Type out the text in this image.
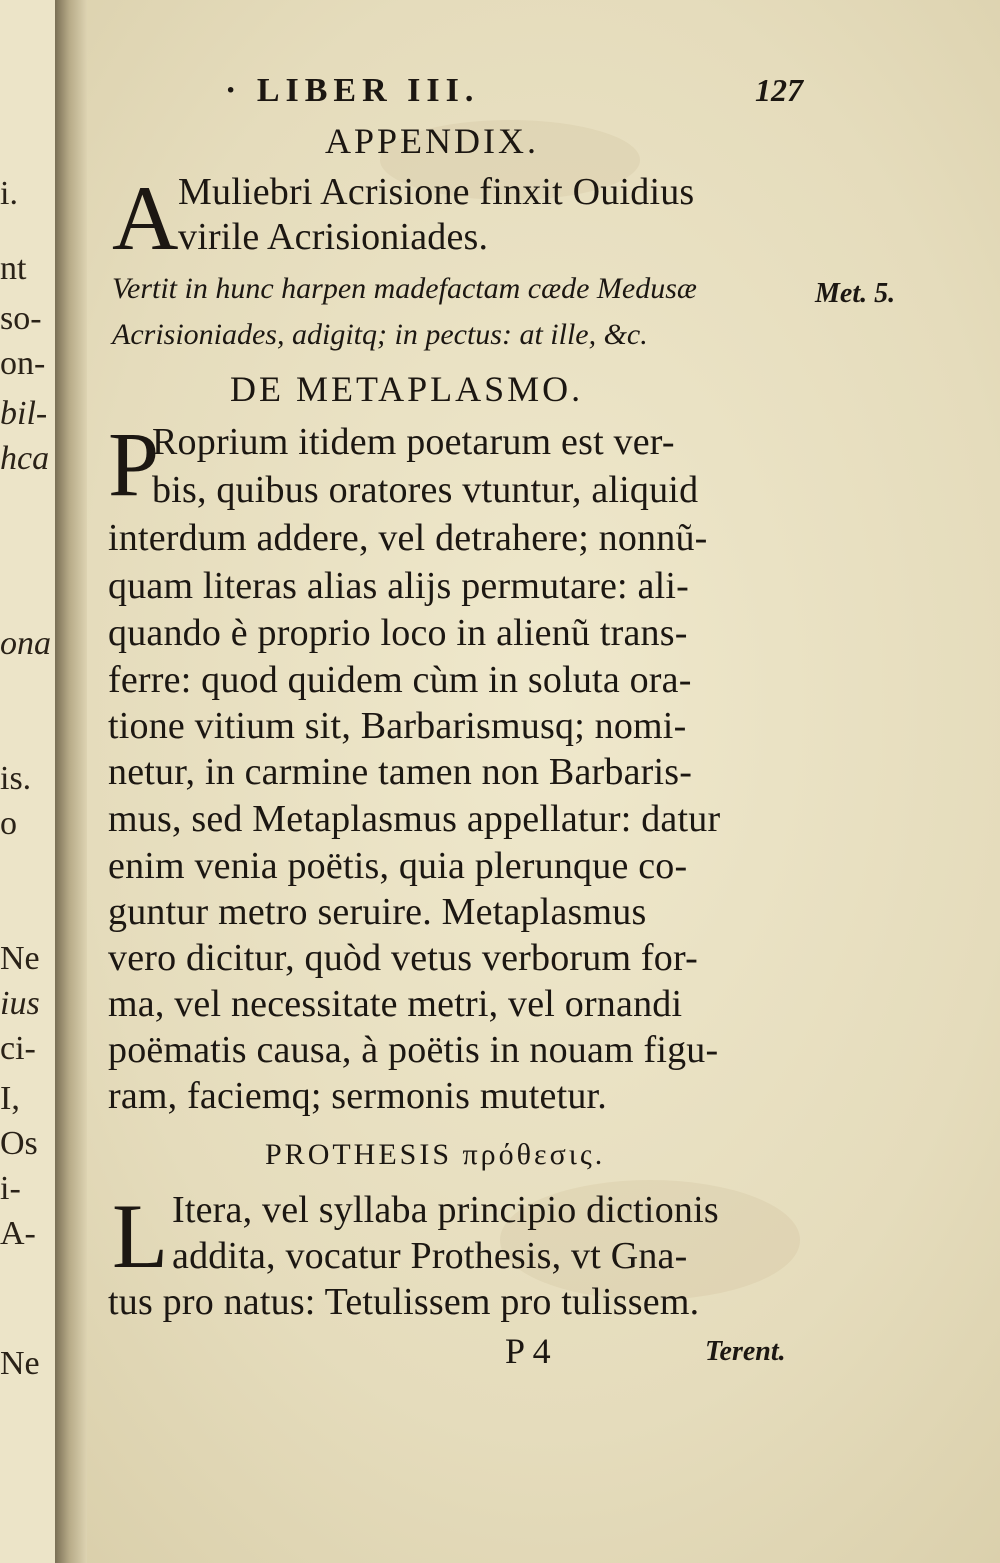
i.
nt
so-
on-
bil-
hca
ona
is.
o
Ne
ius
ci-
I,
Os
i-
A-
Ne
· LIBER III.	127
APPENDIX.
A Muliebri Acrisione finxit Ouidius
virile Acrisioniades.
Vertit in hunc harpen madefactam cæde Medusæ
Acrisioniades, adigitq; in pectus: at ille, &c.
Met. 5.
DE METAPLASMO.
P
Roprium itidem poetarum est ver-
bis, quibus oratores vtuntur, aliquid
interdum addere, vel detrahere; nonnũ-
quam literas alias alijs permutare: ali-
quando è proprio loco in alienũ trans-
ferre: quod quidem cùm in soluta ora-
tione vitium sit, Barbarismusq; nomi-
netur, in carmine tamen non Barbaris-
mus, sed Metaplasmus appellatur: datur
enim venia poëtis, quia plerunque co-
guntur metro seruire. Metaplasmus
vero dicitur, quòd vetus verborum for-
ma, vel necessitate metri, vel ornandi
poëmatis causa, à poëtis in nouam figu-
ram, faciemq; sermonis mutetur.
PROTHESIS πρόθεσις.
L Itera, vel syllaba principio dictionis
addita, vocatur Prothesis, vt Gna-
tus pro natus: Tetulissem pro tulissem.
P 4	Terent.
